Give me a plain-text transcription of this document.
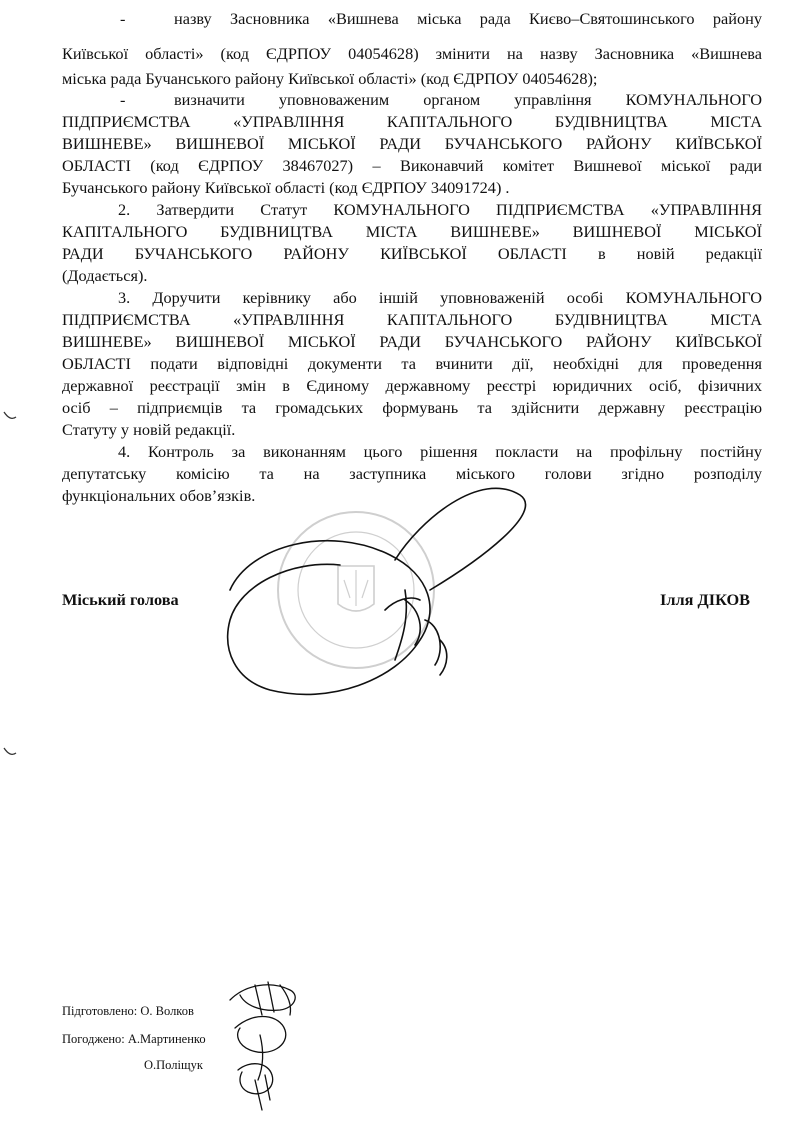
-	назву Засновника «Вишнева міська рада Києво–Святошинського району
Київської області» (код ЄДРПОУ 04054628) змінити на назву Засновника «Вишнева
міська рада Бучанського району Київської області» (код ЄДРПОУ 04054628);
-	визначити уповноваженим органом управління КОМУНАЛЬНОГО
ПІДПРИЄМСТВА «УПРАВЛІННЯ КАПІТАЛЬНОГО БУДІВНИЦТВА МІСТА
ВИШНЕВЕ» ВИШНЕВОЇ МІСЬКОЇ РАДИ БУЧАНСЬКОГО РАЙОНУ КИЇВСЬКОЇ
ОБЛАСТІ (код ЄДРПОУ 38467027) – Виконавчий комітет Вишневої міської ради
Бучанського району Київської області (код ЄДРПОУ 34091724) .
2. Затвердити Статут КОМУНАЛЬНОГО ПІДПРИЄМСТВА «УПРАВЛІННЯ
КАПІТАЛЬНОГО БУДІВНИЦТВА МІСТА ВИШНЕВЕ» ВИШНЕВОЇ МІСЬКОЇ
РАДИ БУЧАНСЬКОГО РАЙОНУ КИЇВСЬКОЇ ОБЛАСТІ в новій редакції
(Додається).
3. Доручити керівнику або іншій уповноваженій особі КОМУНАЛЬНОГО
ПІДПРИЄМСТВА «УПРАВЛІННЯ КАПІТАЛЬНОГО БУДІВНИЦТВА МІСТА
ВИШНЕВЕ» ВИШНЕВОЇ МІСЬКОЇ РАДИ БУЧАНСЬКОГО РАЙОНУ КИЇВСЬКОЇ
ОБЛАСТІ подати відповідні документи та вчинити дії, необхідні для проведення
державної реєстрації змін в Єдиному державному реєстрі юридичних осіб, фізичних
осіб – підприємців та громадських формувань та здійснити державну реєстрацію
Статуту у новій редакції.
4. Контроль за виконанням цього рішення покласти на профільну постійну
депутатську комісію та на заступника міського голови згідно розподілу
функціональних обов’язків.
Міський голова	Ілля ДІКОВ
Підготовлено: О. Волков
Погоджено: А.Мартиненко
О.Поліщук
